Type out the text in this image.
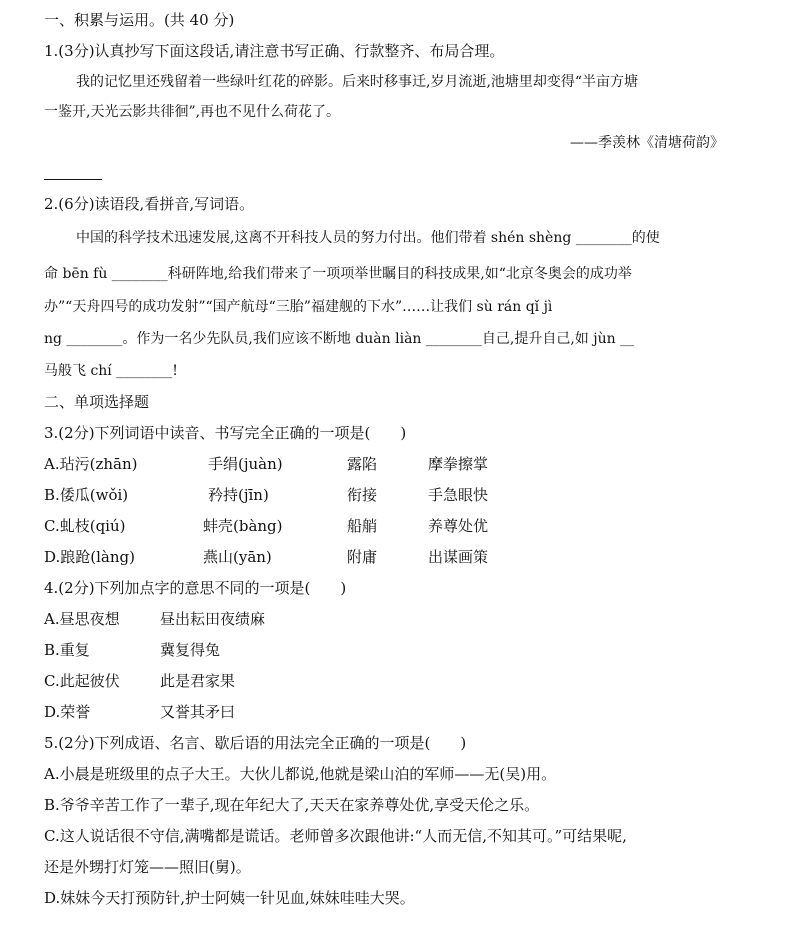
一、积累与运用。(共 40 分)
1.(3分)认真抄写下面这段话,请注意书写正确、行款整齐、布局合理。
我的记忆里还残留着一些绿叶红花的碎影。后来时移事迁,岁月流逝,池塘里却变得“半亩方塘
一鉴开,天光云影共徘徊”,再也不见什么荷花了。
——季羡林《清塘荷韵》
2.(6分)读语段,看拼音,写词语。
中国的科学技术迅速发展,这离不开科技人员的努力付出。他们带着 shén shèng ________的使
命 bēn fù ________科研阵地,给我们带来了一项项举世瞩目的科技成果,如“北京冬奥会的成功举
办”“天舟四号的成功发射”“国产航母“三胎”福建舰的下水”……让我们 sù rán qǐ jì
ng ________。作为一名少先队员,我们应该不断地 duàn liàn ________自己,提升自己,如 jùn __
马般飞 chí ________!
二、单项选择题
3.(2分)下列词语中读音、书写完全正确的一项是(　　)
A.玷污(zhān)	手绢(juàn)	露陷	摩拳擦掌
B.倭瓜(wǒi)	矜持(jīn)	衔接	手急眼快
C.虬枝(qiú)	蚌壳(bàng)	船艄	养尊处优
D.踉跄(làng)	燕山(yān)	附庸	出谋画策
4.(2分)下列加点字的意思不同的一项是(　　)
A.昼思夜想	昼出耘田夜绩麻
B.重复	冀复得兔
C.此起彼伏	此是君家果
D.荣誉	又誉其矛曰
5.(2分)下列成语、名言、歇后语的用法完全正确的一项是(　　)
A.小晨是班级里的点子大王。大伙儿都说,他就是梁山泊的军师——无(吴)用。
B.爷爷辛苦工作了一辈子,现在年纪大了,天天在家养尊处优,享受天伦之乐。
C.这人说话很不守信,满嘴都是谎话。老师曾多次跟他讲:“人而无信,不知其可。”可结果呢,
还是外甥打灯笼——照旧(舅)。
D.妹妹今天打预防针,护士阿姨一针见血,妹妹哇哇大哭。
